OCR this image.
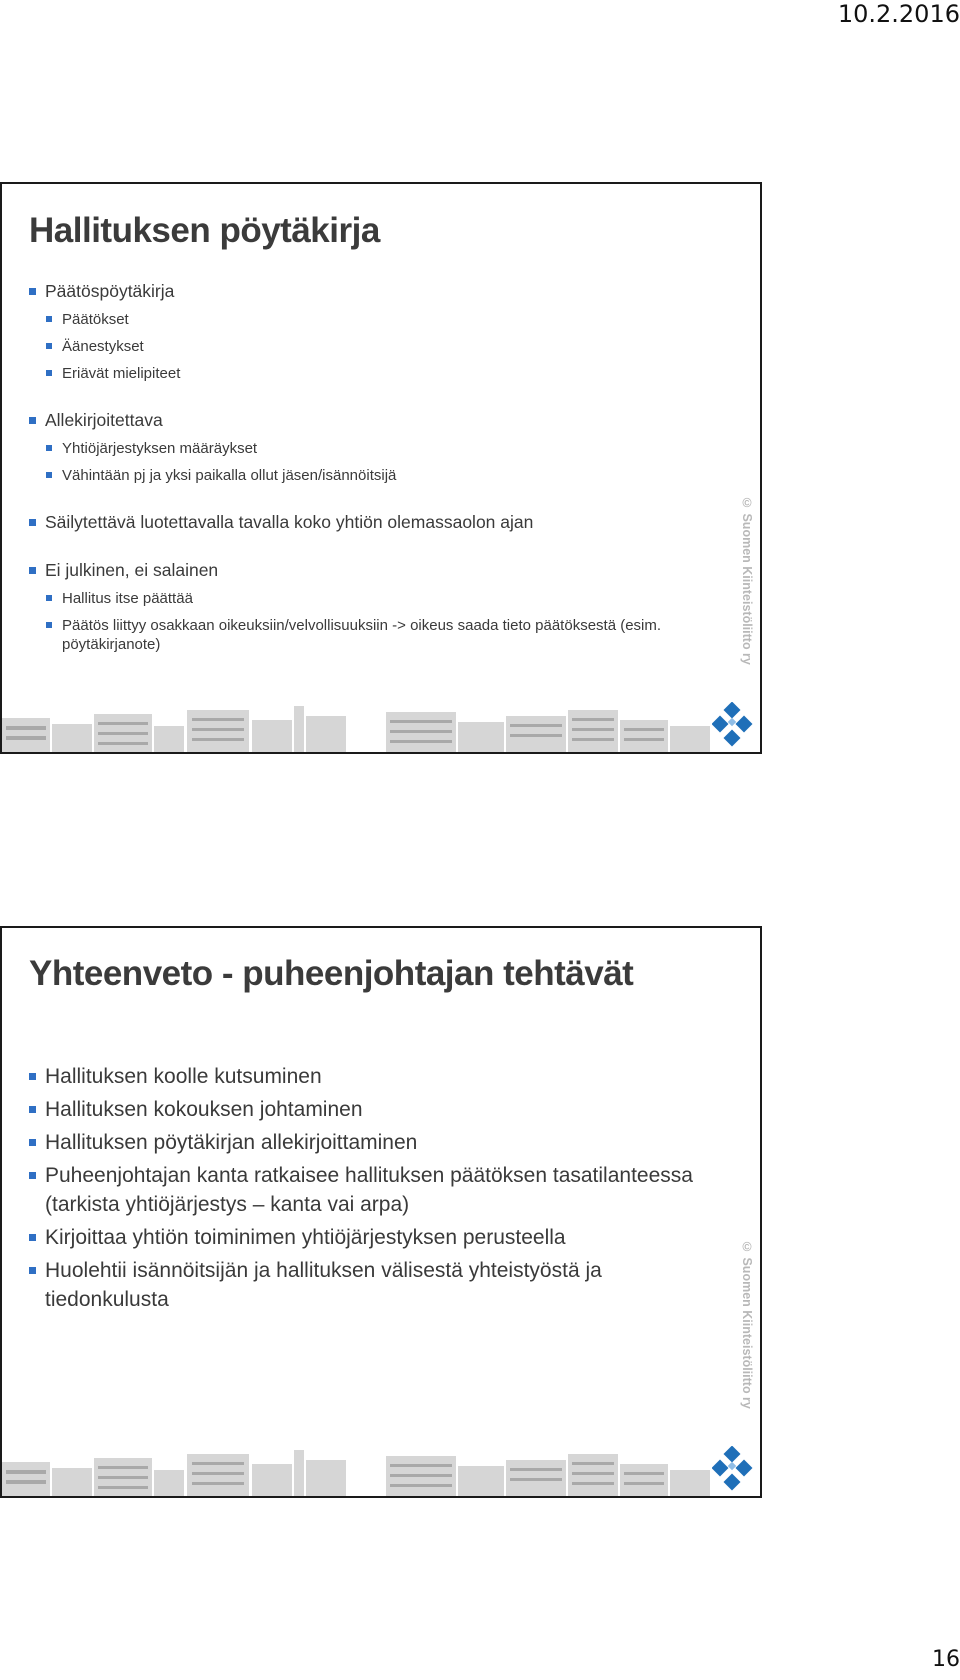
10.2.2016
Hallituksen pöytäkirja
Päätöspöytäkirja
Päätökset
Äänestykset
Eriävät mielipiteet
Allekirjoitettava
Yhtiöjärjestyksen määräykset
Vähintään pj ja yksi paikalla ollut jäsen/isännöitsijä
Säilytettävä luotettavalla tavalla koko yhtiön olemassaolon ajan
Ei julkinen, ei salainen
Hallitus itse päättää
Päätös liittyy osakkaan oikeuksiin/velvollisuuksiin -> oikeus saada tieto päätöksestä (esim. pöytäkirjanote)	© Suomen Kiinteistöliitto ry
Yhteenveto - puheenjohtajan tehtävät
Hallituksen koolle kutsuminen
Hallituksen kokouksen johtaminen
Hallituksen pöytäkirjan allekirjoittaminen
Puheenjohtajan kanta ratkaisee hallituksen päätöksen tasatilanteessa (tarkista yhtiöjärjestys – kanta vai arpa)
Kirjoittaa yhtiön toiminimen yhtiöjärjestyksen perusteella
Huolehtii isännöitsijän ja hallituksen välisestä yhteistyöstä ja tiedonkulusta	© Suomen Kiinteistöliitto ry
16
